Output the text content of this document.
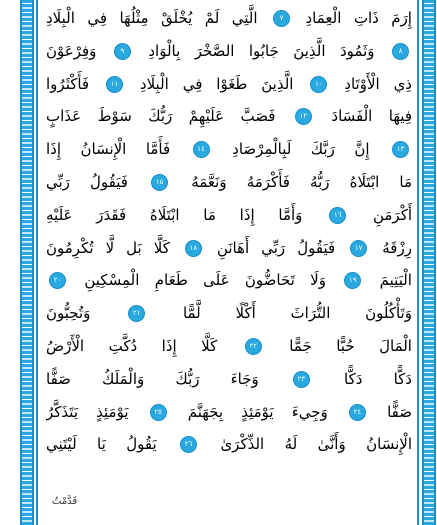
إِرَمَ ذَاتِ الْعِمَادِ ٧ الَّتِي لَمْ يُخْلَقْ مِثْلُهَا فِي الْبِلَادِ
٨ وَثَمُودَ الَّذِينَ جَابُوا الصَّخْرَ بِالْوَادِ ٩ وَفِرْعَوْنَ
ذِي الْأَوْتَادِ ١٠ الَّذِينَ طَغَوْا فِي الْبِلَادِ ١١ فَأَكْثَرُوا
فِيهَا الْفَسَادَ ١٢ فَصَبَّ عَلَيْهِمْ رَبُّكَ سَوْطَ عَذَابٍ
١٣ إِنَّ رَبَّكَ لَبِالْمِرْصَادِ ١٤ فَأَمَّا الْإِنسَانُ إِذَا
مَا ابْتَلَاهُ رَبُّهُ فَأَكْرَمَهُ وَنَعَّمَهُ ١٥ فَيَقُولُ رَبِّي
أَكْرَمَنِ ١٦ وَأَمَّا إِذَا مَا ابْتَلَاهُ فَقَدَرَ عَلَيْهِ
رِزْقَهُ ١٧ فَيَقُولُ رَبِّي أَهَانَنِ ١٨ كَلَّا بَل لَّا تُكْرِمُونَ
الْيَتِيمَ ١٩ وَلَا تَحَاضُّونَ عَلَى طَعَامِ الْمِسْكِينِ ٢٠
وَتَأْكُلُونَ التُّرَاثَ أَكْلًا لَّمًّا ٢١ وَتُحِبُّونَ
الْمَالَ حُبًّا جَمًّا ٢٢ كَلَّا إِذَا دُكَّتِ الْأَرْضُ
دَكًّا دَكًّا ٢٣ وَجَاءَ رَبُّكَ وَالْمَلَكُ صَفًّا
صَفًّا ٢٤ وَجِيءَ يَوْمَئِذٍ بِجَهَنَّمَ ٢٥ يَوْمَئِذٍ يَتَذَكَّرُ
الْإِنسَانُ وَأَنَّىٰ لَهُ الذِّكْرَىٰ ٢٦ يَقُولُ يَا لَيْتَنِي
قَدَّمْتُ
